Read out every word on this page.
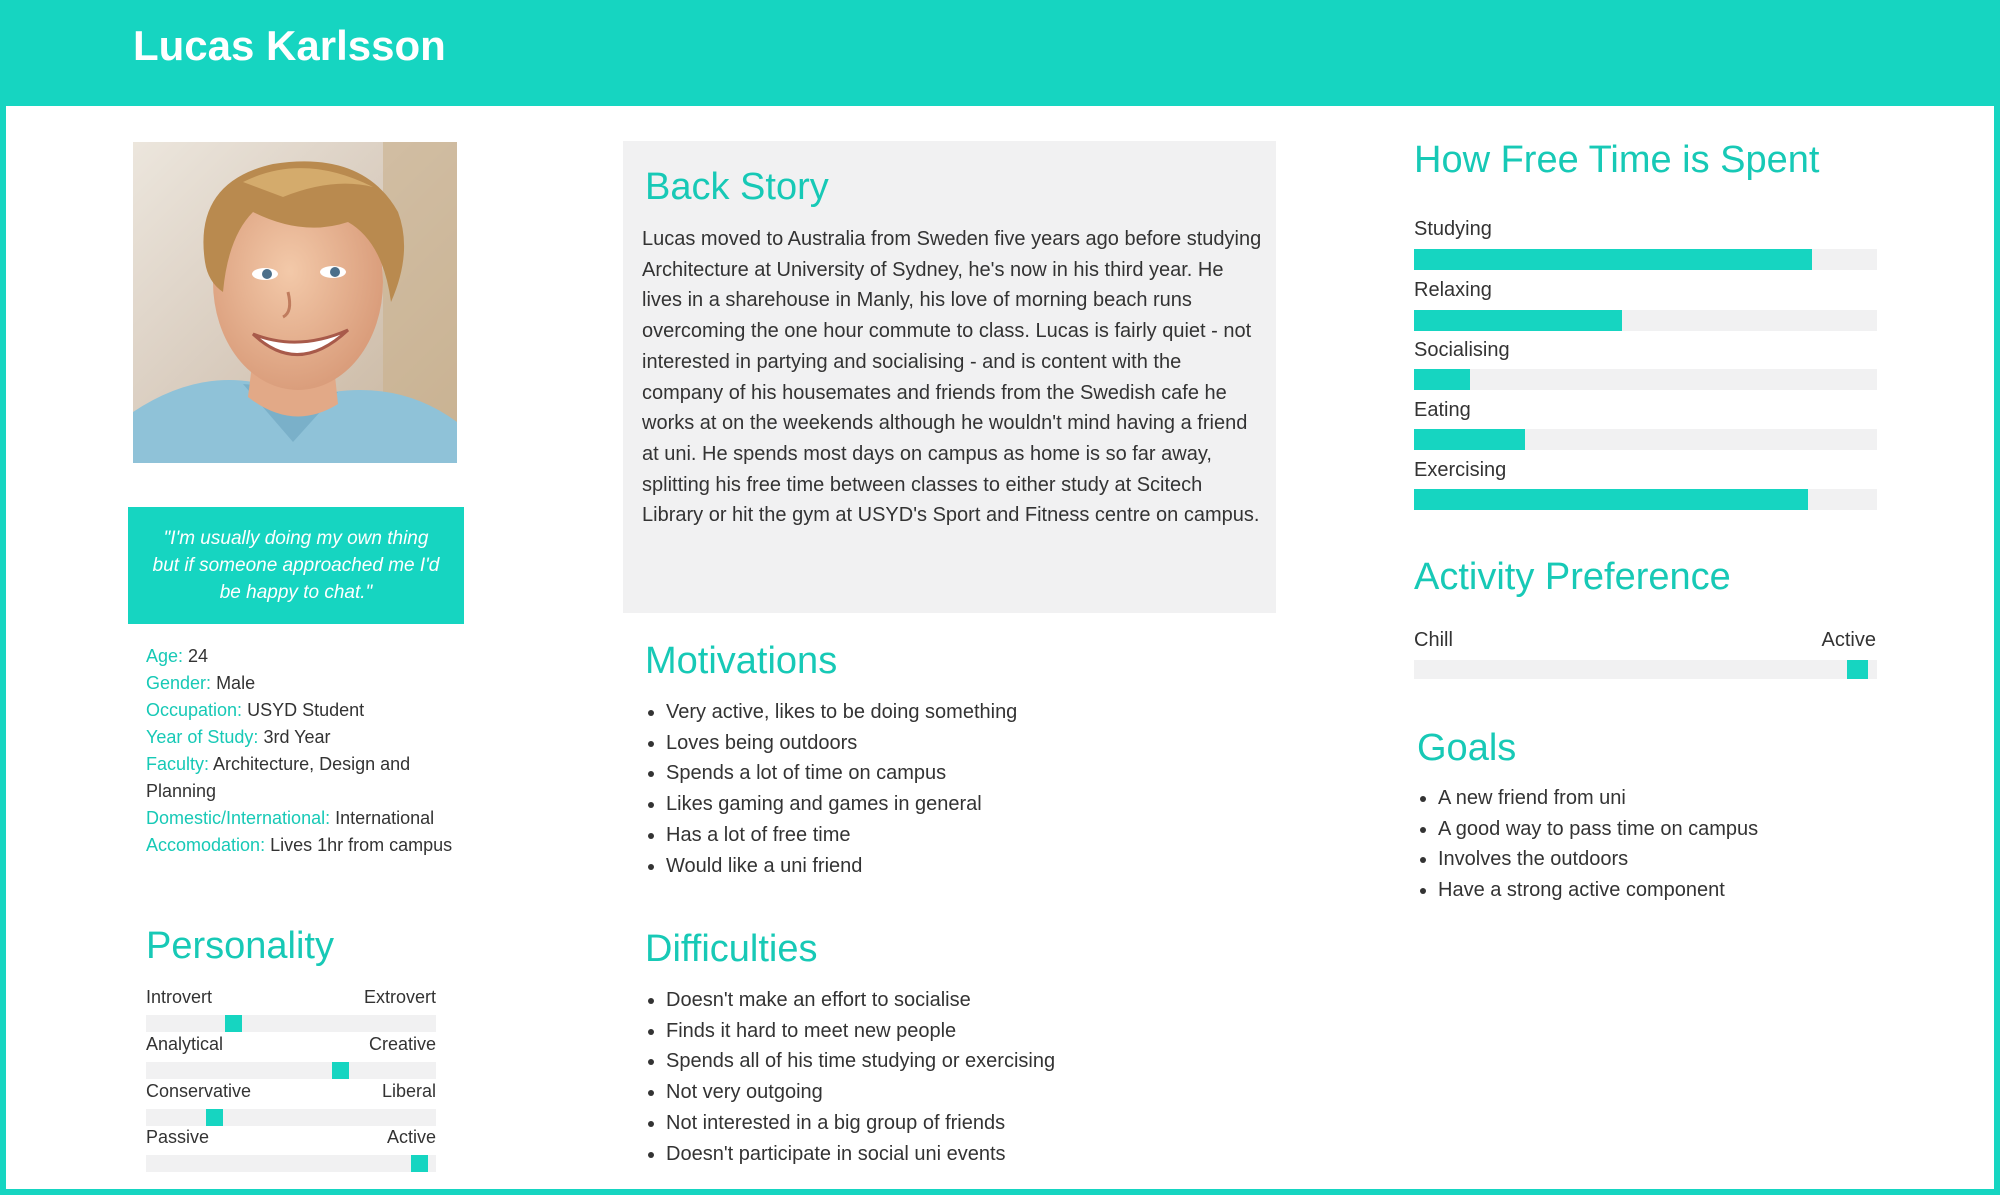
Lucas Karlsson
"I'm usually doing my own thing but if someone approached me I'd be happy to chat."
Age: 24
Gender: Male
Occupation: USYD Student
Year of Study: 3rd Year
Faculty: Architecture, Design and Planning
Domestic/International: International
Accomodation: Lives 1hr from campus
Personality
Introvert	Extrovert
Analytical	Creative
Conservative	Liberal
Passive	Active
Back Story

Lucas moved to Australia from Sweden five years ago before studying Architecture at University of Sydney, he's now in his third year. He lives in a sharehouse in Manly, his love of morning beach runs overcoming the one hour commute to class. Lucas is fairly quiet - not interested in partying and socialising - and is content with the company of his housemates and friends from the Swedish cafe he works at on the weekends although he wouldn't mind having a friend at uni. He spends most days on campus as home is so far away, splitting his free time between classes to either study at Scitech Library or hit the gym at USYD's Sport and Fitness centre on campus.

Motivations
• Very active, likes to be doing something
• Loves being outdoors
• Spends a lot of time on campus
• Likes gaming and games in general
• Has a lot of free time
• Would like a uni friend
Difficulties
• Doesn't make an effort to socialise
• Finds it hard to meet new people
• Spends all of his time studying or exercising
• Not very outgoing
• Not interested in a big group of friends
• Doesn't participate in social uni events
How Free Time is Spent
Studying
Relaxing
Socialising
Eating
Exercising
Activity Preference
Chill	Active
Goals
• A new friend from uni
• A good way to pass time on campus
• Involves the outdoors
• Have a strong active component
